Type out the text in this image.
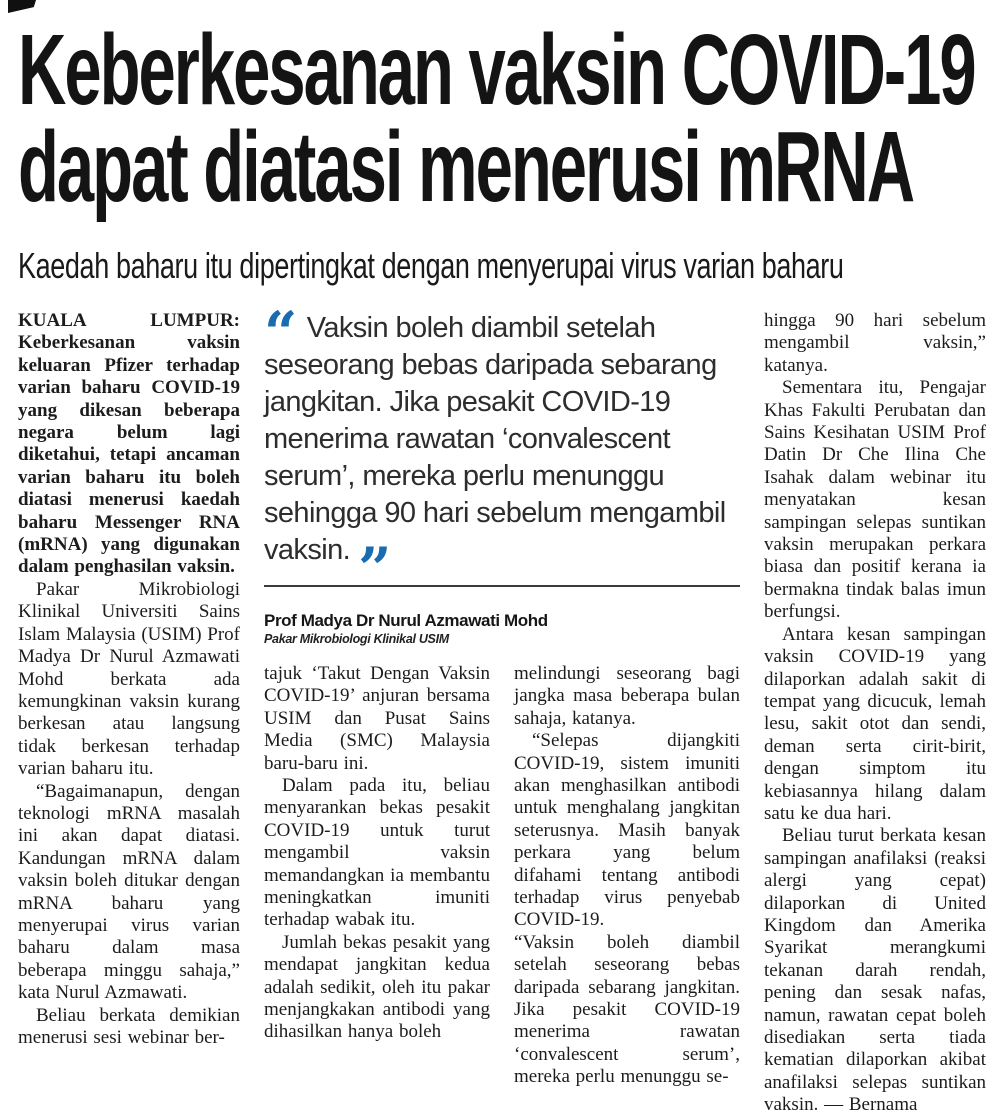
Keberkesanan vaksin COVID-19
dapat diatasi menerusi mRNA
Kaedah baharu itu dipertingkat dengan menyerupai virus varian baharu

KUALA LUMPUR: Keberkesanan vaksin keluaran Pfizer terhadap varian baharu COVID-19 yang dikesan beberapa negara belum lagi diketahui, tetapi ancaman varian baharu itu boleh diatasi menerusi kaedah baharu Messenger RNA (mRNA) yang digunakan dalam penghasilan vaksin.

Pakar Mikrobiologi Klinikal Universiti Sains Islam Malaysia (USIM) Prof Madya Dr Nurul Azmawati Mohd berkata ada kemungkinan vaksin kurang berkesan atau langsung tidak berkesan terhadap varian baharu itu.

“Bagaimanapun, dengan teknologi mRNA masalah ini akan dapat diatasi. Kandungan mRNA dalam vaksin boleh ditukar dengan mRNA baharu yang menyerupai virus varian baharu dalam masa beberapa minggu sahaja,” kata Nurul Azmawati.

Beliau berkata demikian menerusi sesi webinar ber-

“ Vaksin boleh diambil setelah seseorang bebas daripada sebarang jangkitan. Jika pesakit COVID-19 menerima rawatan ‘convalescent serum’, mereka perlu menunggu sehingga 90 hari sebelum mengambil vaksin. ”
Prof Madya Dr Nurul Azmawati Mohd
Pakar Mikrobiologi Klinikal USIM

tajuk ‘Takut Dengan Vaksin COVID-19’ anjuran bersama USIM dan Pusat Sains Media (SMC) Malaysia baru-baru ini.

Dalam pada itu, beliau menyarankan bekas pesakit COVID-19 untuk turut mengambil vaksin memandangkan ia membantu meningkatkan imuniti terhadap wabak itu.

Jumlah bekas pesakit yang mendapat jangkitan kedua adalah sedikit, oleh itu pakar menjangkakan antibodi yang dihasilkan hanya boleh

melindungi seseorang bagi jangka masa beberapa bulan sahaja, katanya.

“Selepas dijangkiti COVID-19, sistem imuniti akan menghasilkan antibodi untuk menghalang jangkitan seterusnya. Masih banyak perkara yang belum difahami tentang antibodi terhadap virus penyebab COVID-19.

“Vaksin boleh diambil setelah seseorang bebas daripada sebarang jangkitan. Jika pesakit COVID-19 menerima rawatan ‘convalescent serum’, mereka perlu menunggu se-

hingga 90 hari sebelum mengambil vaksin,” katanya.

Sementara itu, Pengajar Khas Fakulti Perubatan dan Sains Kesihatan USIM Prof Datin Dr Che Ilina Che Isahak dalam webinar itu menyatakan kesan sampingan selepas suntikan vaksin merupakan perkara biasa dan positif kerana ia bermakna tindak balas imun berfungsi.

Antara kesan sampingan vaksin COVID-19 yang dilaporkan adalah sakit di tempat yang dicucuk, lemah lesu, sakit otot dan sendi, deman serta cirit-birit, dengan simptom itu kebiasannya hilang dalam satu ke dua hari.

Beliau turut berkata kesan sampingan anafilaksi (reaksi alergi yang cepat) dilaporkan di United Kingdom dan Amerika Syarikat merangkumi tekanan darah rendah, pening dan sesak nafas, namun, rawatan cepat boleh disediakan serta tiada kematian dilaporkan akibat anafilaksi selepas suntikan vaksin. — Bernama
